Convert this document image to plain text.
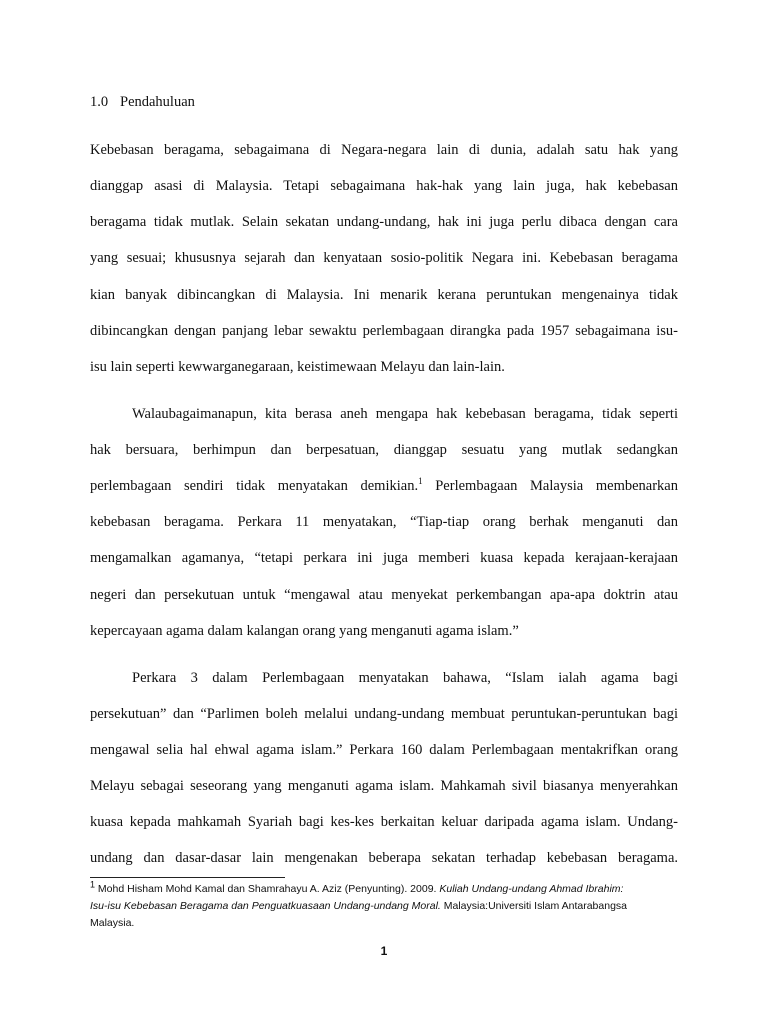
1.0 Pendahuluan
Kebebasan beragama, sebagaimana di Negara-negara lain di dunia, adalah satu hak yang
dianggap asasi di Malaysia. Tetapi sebagaimana hak-hak yang lain juga, hak kebebasan
beragama tidak mutlak. Selain sekatan undang-undang, hak ini juga perlu dibaca dengan cara
yang sesuai; khususnya sejarah dan kenyataan sosio-politik Negara ini. Kebebasan beragama
kian banyak dibincangkan di Malaysia. Ini menarik kerana peruntukan mengenainya tidak
dibincangkan dengan panjang lebar sewaktu perlembagaan dirangka pada 1957 sebagaimana isu-
isu lain seperti kewwarganegaraan, keistimewaan Melayu dan lain-lain.
Walaubagaimanapun, kita berasa aneh mengapa hak kebebasan beragama, tidak seperti
hak bersuara, berhimpun dan berpesatuan, dianggap sesuatu yang mutlak sedangkan
perlembagaan sendiri tidak menyatakan demikian.$^1$ Perlembagaan Malaysia membenarkan
kebebasan beragama. Perkara 11 menyatakan, “Tiap-tiap orang berhak menganuti dan
mengamalkan agamanya, “tetapi perkara ini juga memberi kuasa kepada kerajaan-kerajaan
negeri dan persekutuan untuk “mengawal atau menyekat perkembangan apa-apa doktrin atau
kepercayaan agama dalam kalangan orang yang menganuti agama islam.”
Perkara 3 dalam Perlembagaan menyatakan bahawa, “Islam ialah agama bagi
persekutuan” dan “Parlimen boleh melalui undang-undang membuat peruntukan-peruntukan bagi
mengawal selia hal ehwal agama islam.” Perkara 160 dalam Perlembagaan mentakrifkan orang
Melayu sebagai seseorang yang menganuti agama islam. Mahkamah sivil biasanya menyerahkan
kuasa kepada mahkamah Syariah bagi kes-kes berkaitan keluar daripada agama islam. Undang-
undang dan dasar-dasar lain mengenakan beberapa sekatan terhadap kebebasan beragama.
$^1$ Mohd Hisham Mohd Kamal dan Shamrahayu A. Aziz (Penyunting). 2009. Kuliah Undang-undang Ahmad Ibrahim:
Isu-isu Kebebasan Beragama dan Penguatkuasaan Undang-undang Moral. Malaysia:Universiti Islam Antarabangsa
Malaysia.
1
